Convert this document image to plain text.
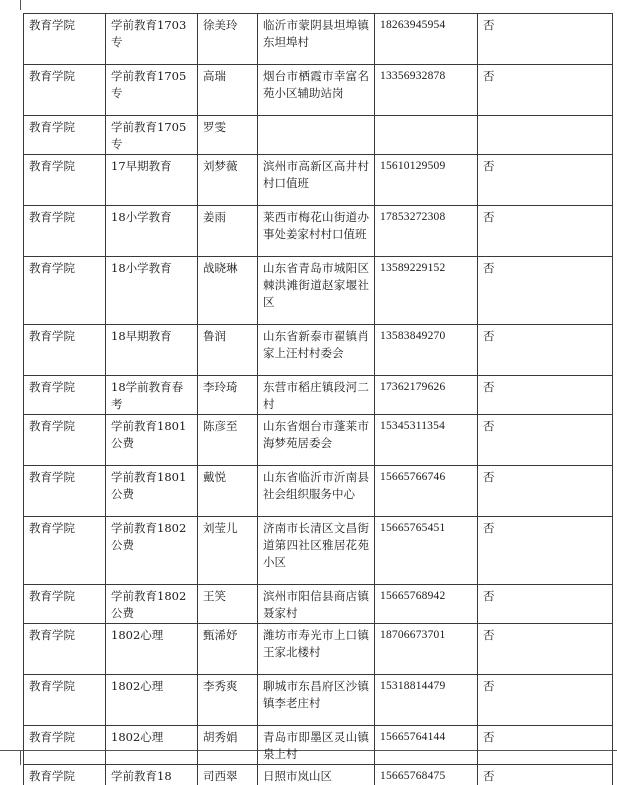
教育学院	学前教育1703专	徐美玲	临沂市蒙阴县坦埠镇东坦埠村	18263945954	否
教育学院	学前教育1705专	高瑞	烟台市栖霞市幸富名苑小区辅助站岗	13356932878	否
教育学院	学前教育1705专	罗雯			
教育学院	17早期教育	刘梦薇	滨州市高新区高井村村口值班	15610129509	否
教育学院	18小学教育	姜雨	莱西市梅花山街道办事处姜家村村口值班	17853272308	否
教育学院	18小学教育	战晓琳	山东省青岛市城阳区棘洪滩街道赵家堰社区	13589229152	否
教育学院	18早期教育	鲁润	山东省新泰市翟镇肖家上汪村村委会	13583849270	否
教育学院	18学前教育春考	李玲琦	东营市稻庄镇段河二村	17362179626	否
教育学院	学前教育1801公费	陈彦至	山东省烟台市蓬莱市海梦苑居委会	15345311354	否
教育学院	学前教育1801公费	戴悦	山东省临沂市沂南县社会组织服务中心	15665766746	否
教育学院	学前教育1802公费	刘莹儿	济南市长清区文昌街道第四社区雅居花苑小区	15665765451	否
教育学院	学前教育1802公费	王笑	滨州市阳信县商店镇聂家村	15665768942	否
教育学院	1802心理	甄浠妤	潍坊市寿光市上口镇王家北楼村	18706673701	否
教育学院	1802心理	李秀爽	聊城市东昌府区沙镇镇李老庄村	15318814479	否
教育学院	1802心理	胡秀娟	青岛市即墨区灵山镇泉上村	15665764144	否
教育学院	学前教育18	司西翠	日照市岚山区	15665768475	否
